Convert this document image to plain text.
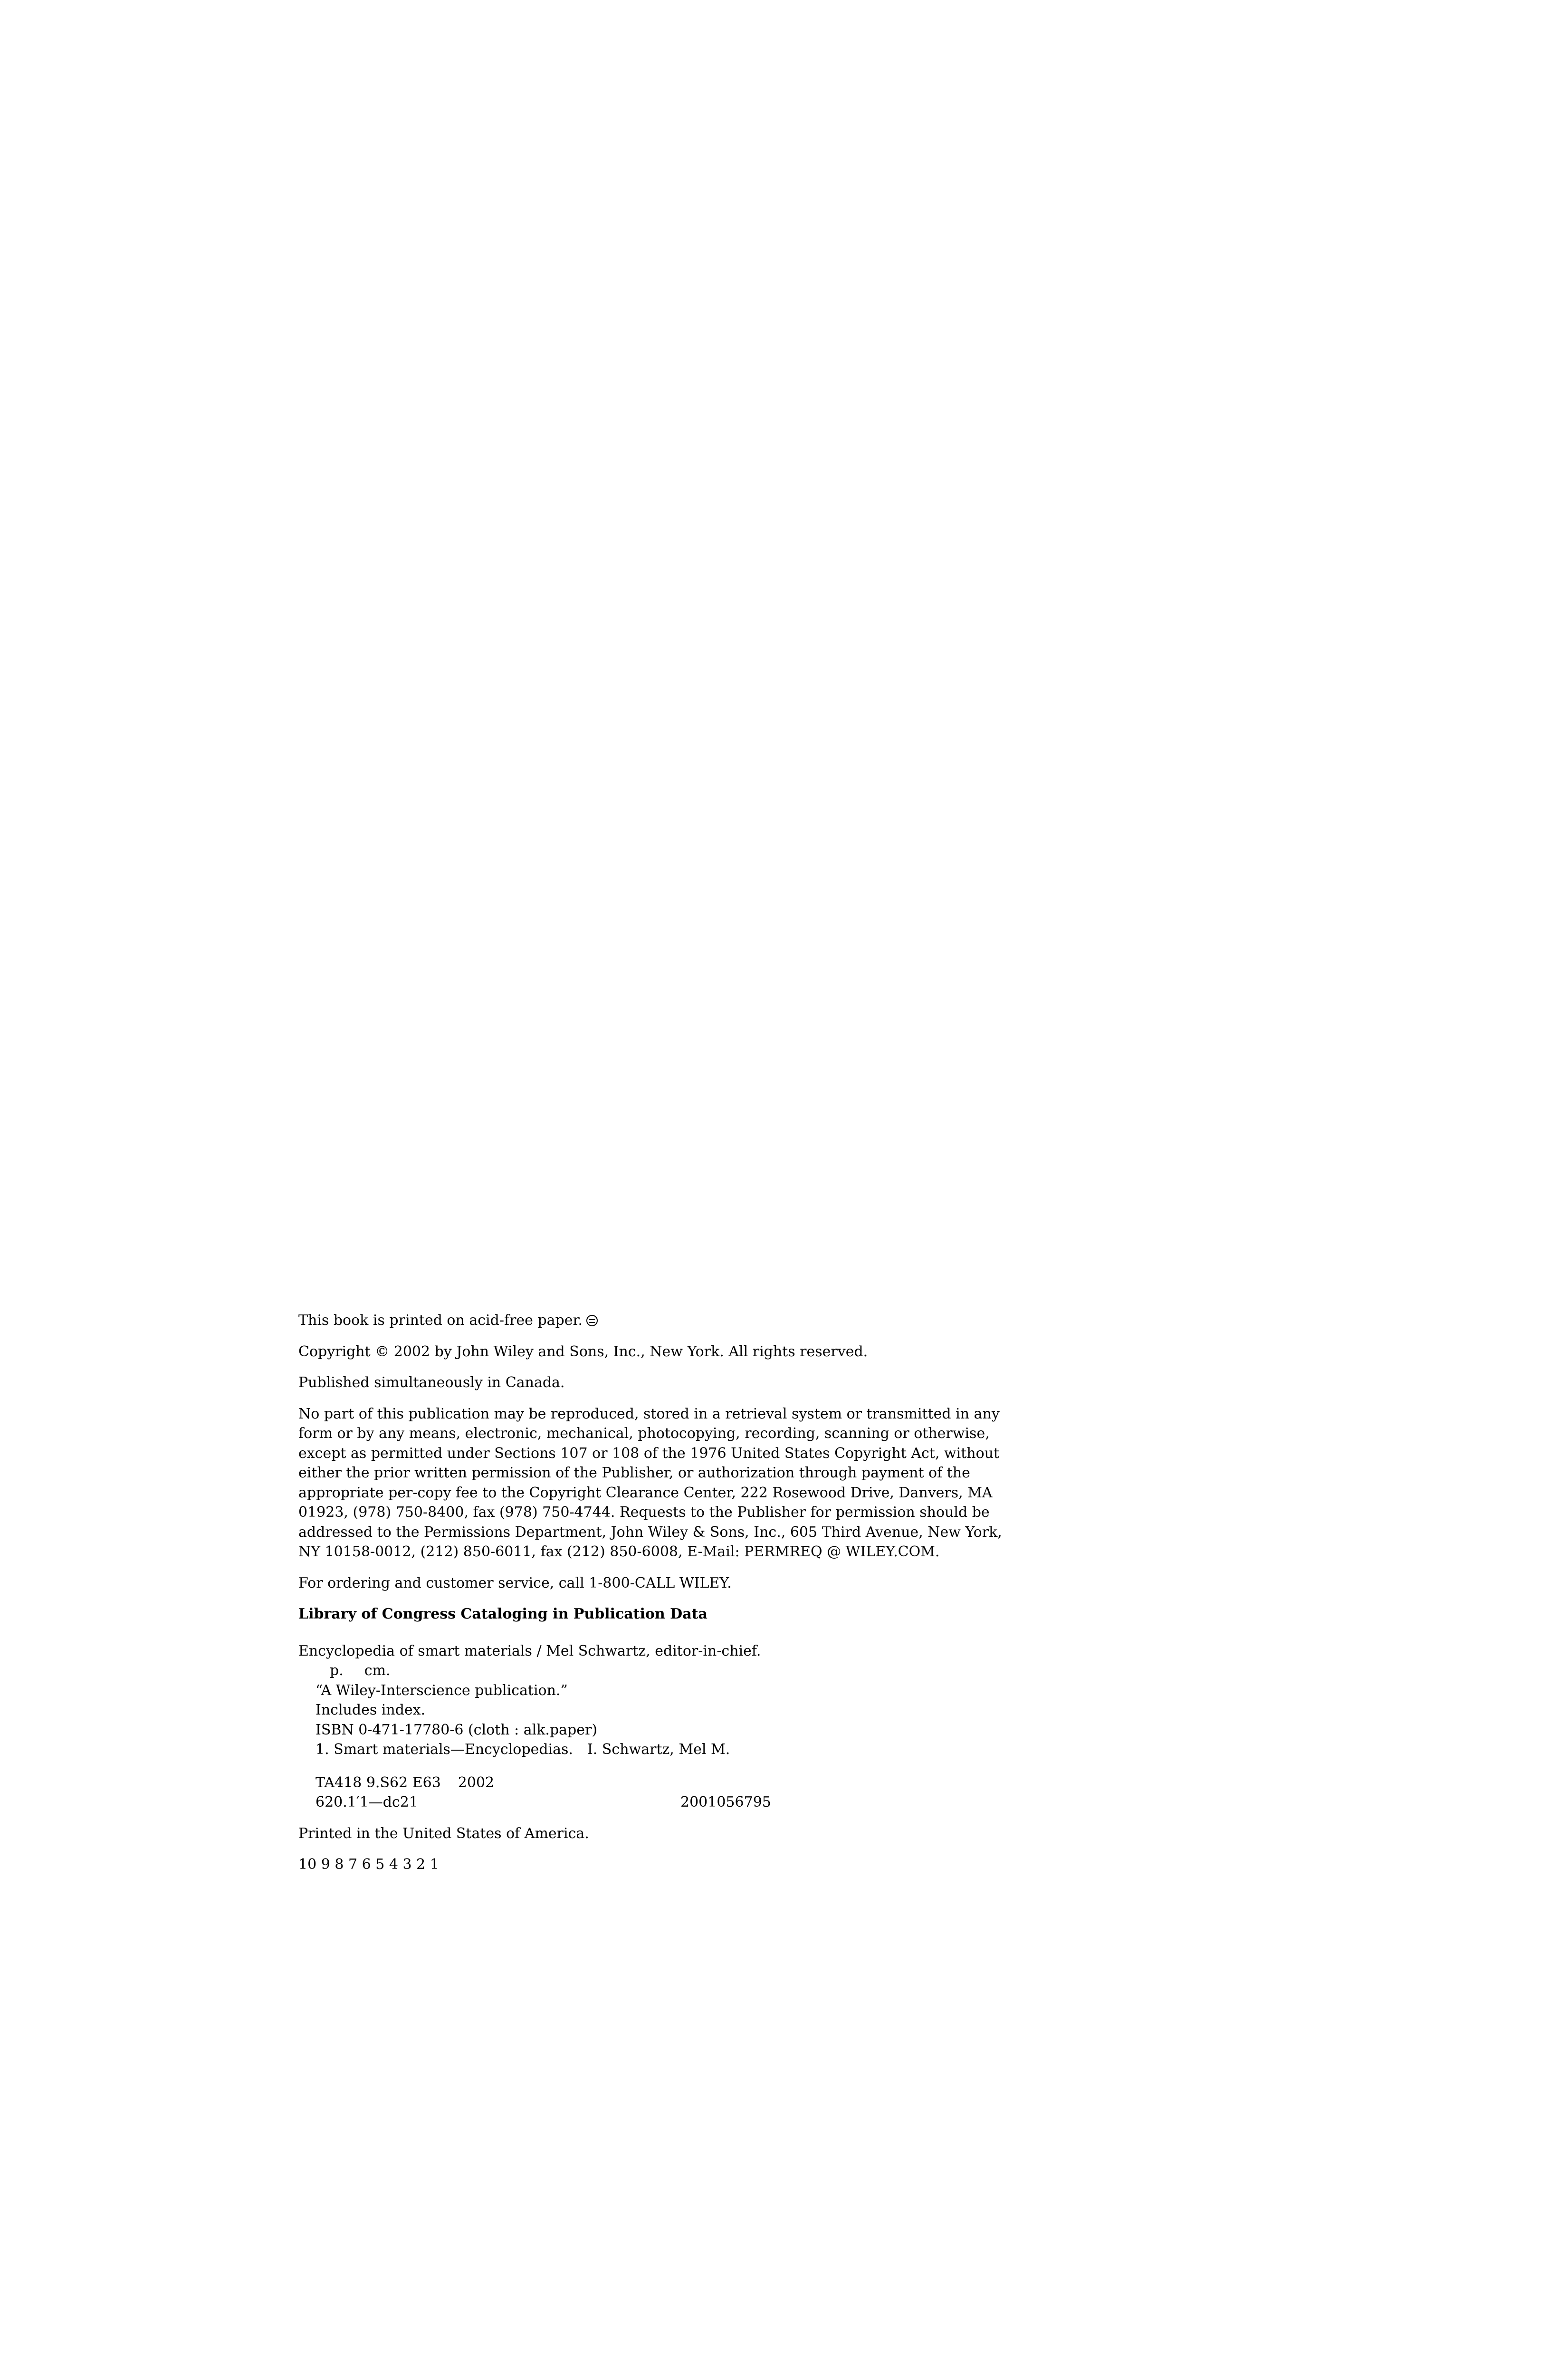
This book is printed on acid-free paper.

Copyright © 2002 by John Wiley and Sons, Inc., New York. All rights reserved.

Published simultaneously in Canada.

No part of this publication may be reproduced, stored in a retrieval system or transmitted in any

form or by any means, electronic, mechanical, photocopying, recording, scanning or otherwise,

except as permitted under Sections 107 or 108 of the 1976 United States Copyright Act, without

either the prior written permission of the Publisher, or authorization through payment of the

appropriate per-copy fee to the Copyright Clearance Center, 222 Rosewood Drive, Danvers, MA

01923, (978) 750-8400, fax (978) 750-4744. Requests to the Publisher for permission should be

addressed to the Permissions Department, John Wiley & Sons, Inc., 605 Third Avenue, New York,

NY 10158-0012, (212) 850-6011, fax (212) 850-6008, E-Mail: PERMREQ @ WILEY.COM.

For ordering and customer service, call 1-800-CALL WILEY.

Library of Congress Cataloging in Publication Data

Encyclopedia of smart materials / Mel Schwartz, editor-in-chief.

p. cm.

“A Wiley-Interscience publication.”

Includes index.

ISBN 0-471-17780-6 (cloth : alk.paper)

1. Smart materials—Encyclopedias. I. Schwartz, Mel M.

TA418 9.S62 E63 2002

620.1′1—dc21	2001056795

Printed in the United States of America.

10 9 8 7 6 5 4 3 2 1
